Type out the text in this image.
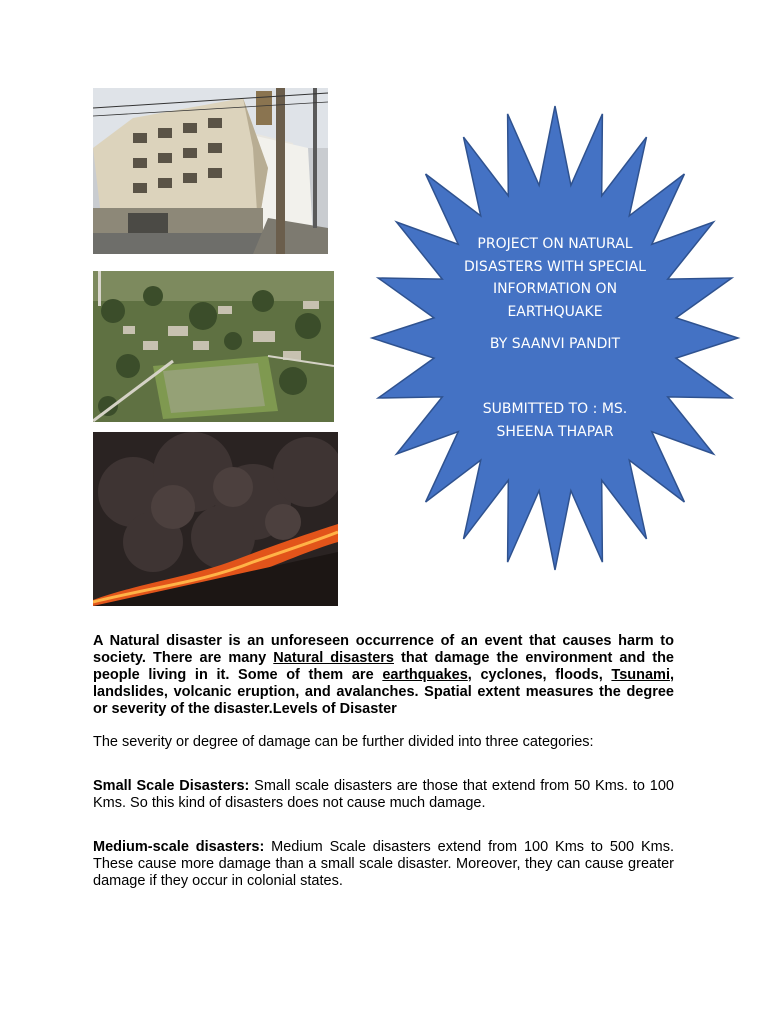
PROJECT ON NATURAL DISASTERS WITH SPECIAL INFORMATION ON EARTHQUAKE
BY SAANVI PANDIT
SUBMITTED TO : MS. SHEENA THAPAR
A Natural disaster is an unforeseen occurrence of an event that causes harm to society. There are many Natural disasters that damage the environment and the people living in it. Some of them are earthquakes, cyclones, floods, Tsunami, landslides, volcanic eruption, and avalanches. Spatial extent measures the degree or severity of the disaster.Levels of Disaster
The severity or degree of damage can be further divided into three categories:
Small Scale Disasters: Small scale disasters are those that extend from 50 Kms. to 100 Kms. So this kind of disasters does not cause much damage.
Medium-scale disasters: Medium Scale disasters extend from 100 Kms to 500 Kms. These cause more damage than a small scale disaster. Moreover, they can cause greater damage if they occur in colonial states.
